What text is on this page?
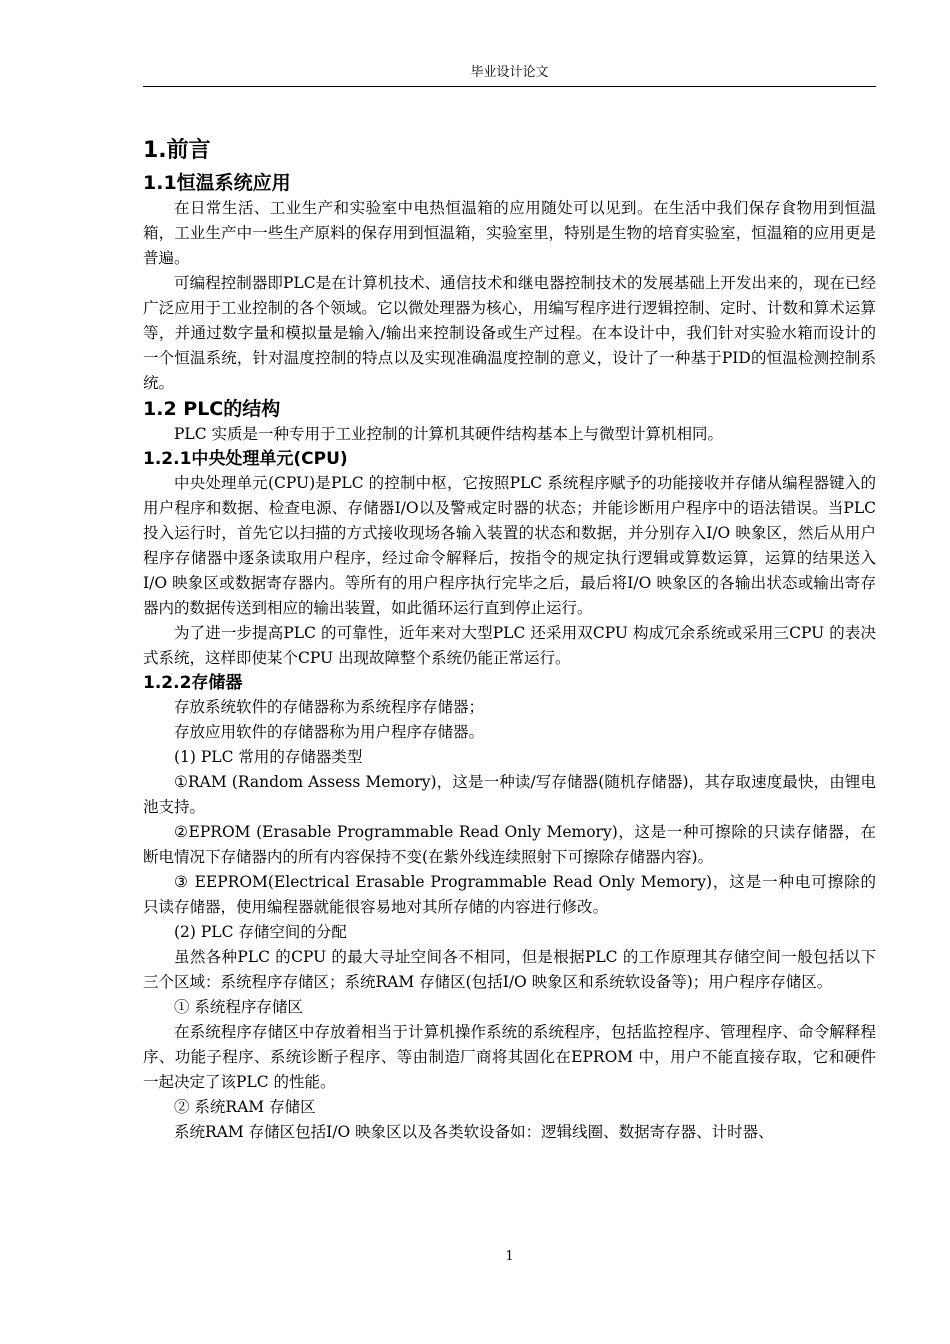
毕业设计论文
1.前言
1.1恒温系统应用

在日常生活、工业生产和实验室中电热恒温箱的应用随处可以见到。在生活中我们保存食物用到恒温箱，工业生产中一些生产原料的保存用到恒温箱，实验室里，特别是生物的培育实验室，恒温箱的应用更是普遍。

可编程控制器即PLC是在计算机技术、通信技术和继电器控制技术的发展基础上开发出来的，现在已经广泛应用于工业控制的各个领域。它以微处理器为核心，用编写程序进行逻辑控制、定时、计数和算术运算等，并通过数字量和模拟量是输入/输出来控制设备或生产过程。在本设计中，我们针对实验水箱而设计的一个恒温系统，针对温度控制的特点以及实现准确温度控制的意义，设计了一种基于PID的恒温检测控制系统。

1.2 PLC的结构

PLC 实质是一种专用于工业控制的计算机其硬件结构基本上与微型计算机相同。

1.2.1中央处理单元(CPU)

中央处理单元(CPU)是PLC 的控制中枢，它按照PLC 系统程序赋予的功能接收并存储从编程器键入的用户程序和数据、检查电源、存储器I/O以及警戒定时器的状态；并能诊断用户程序中的语法错误。当PLC 投入运行时，首先它以扫描的方式接收现场各输入装置的状态和数据，并分别存入I/O 映象区，然后从用户程序存储器中逐条读取用户程序，经过命令解释后，按指令的规定执行逻辑或算数运算，运算的结果送入I/O 映象区或数据寄存器内。等所有的用户程序执行完毕之后，最后将I/O 映象区的各输出状态或输出寄存器内的数据传送到相应的输出装置，如此循环运行直到停止运行。

为了进一步提高PLC 的可靠性，近年来对大型PLC 还采用双CPU 构成冗余系统或采用三CPU 的表决式系统，这样即使某个CPU 出现故障整个系统仍能正常运行。

1.2.2存储器

存放系统软件的存储器称为系统程序存储器；

存放应用软件的存储器称为用户程序存储器。

(1) PLC 常用的存储器类型

①RAM (Random Assess Memory)，这是一种读/写存储器(随机存储器)，其存取速度最快，由锂电池支持。

②EPROM (Erasable Programmable Read Only Memory)，这是一种可擦除的只读存储器，在断电情况下存储器内的所有内容保持不变(在紫外线连续照射下可擦除存储器内容)。

③ EEPROM(Electrical Erasable Programmable Read Only Memory)，这是一种电可擦除的只读存储器，使用编程器就能很容易地对其所存储的内容进行修改。

(2) PLC 存储空间的分配

虽然各种PLC 的CPU 的最大寻址空间各不相同，但是根据PLC 的工作原理其存储空间一般包括以下三个区域：系统程序存储区；系统RAM 存储区(包括I/O 映象区和系统软设备等)；用户程序存储区。

① 系统程序存储区

在系统程序存储区中存放着相当于计算机操作系统的系统程序，包括监控程序、管理程序、命令解释程序、功能子程序、系统诊断子程序、等由制造厂商将其固化在EPROM 中，用户不能直接存取，它和硬件一起决定了该PLC 的性能。

② 系统RAM 存储区

系统RAM 存储区包括I/O 映象区以及各类软设备如：逻辑线圈、数据寄存器、计时器、

1
